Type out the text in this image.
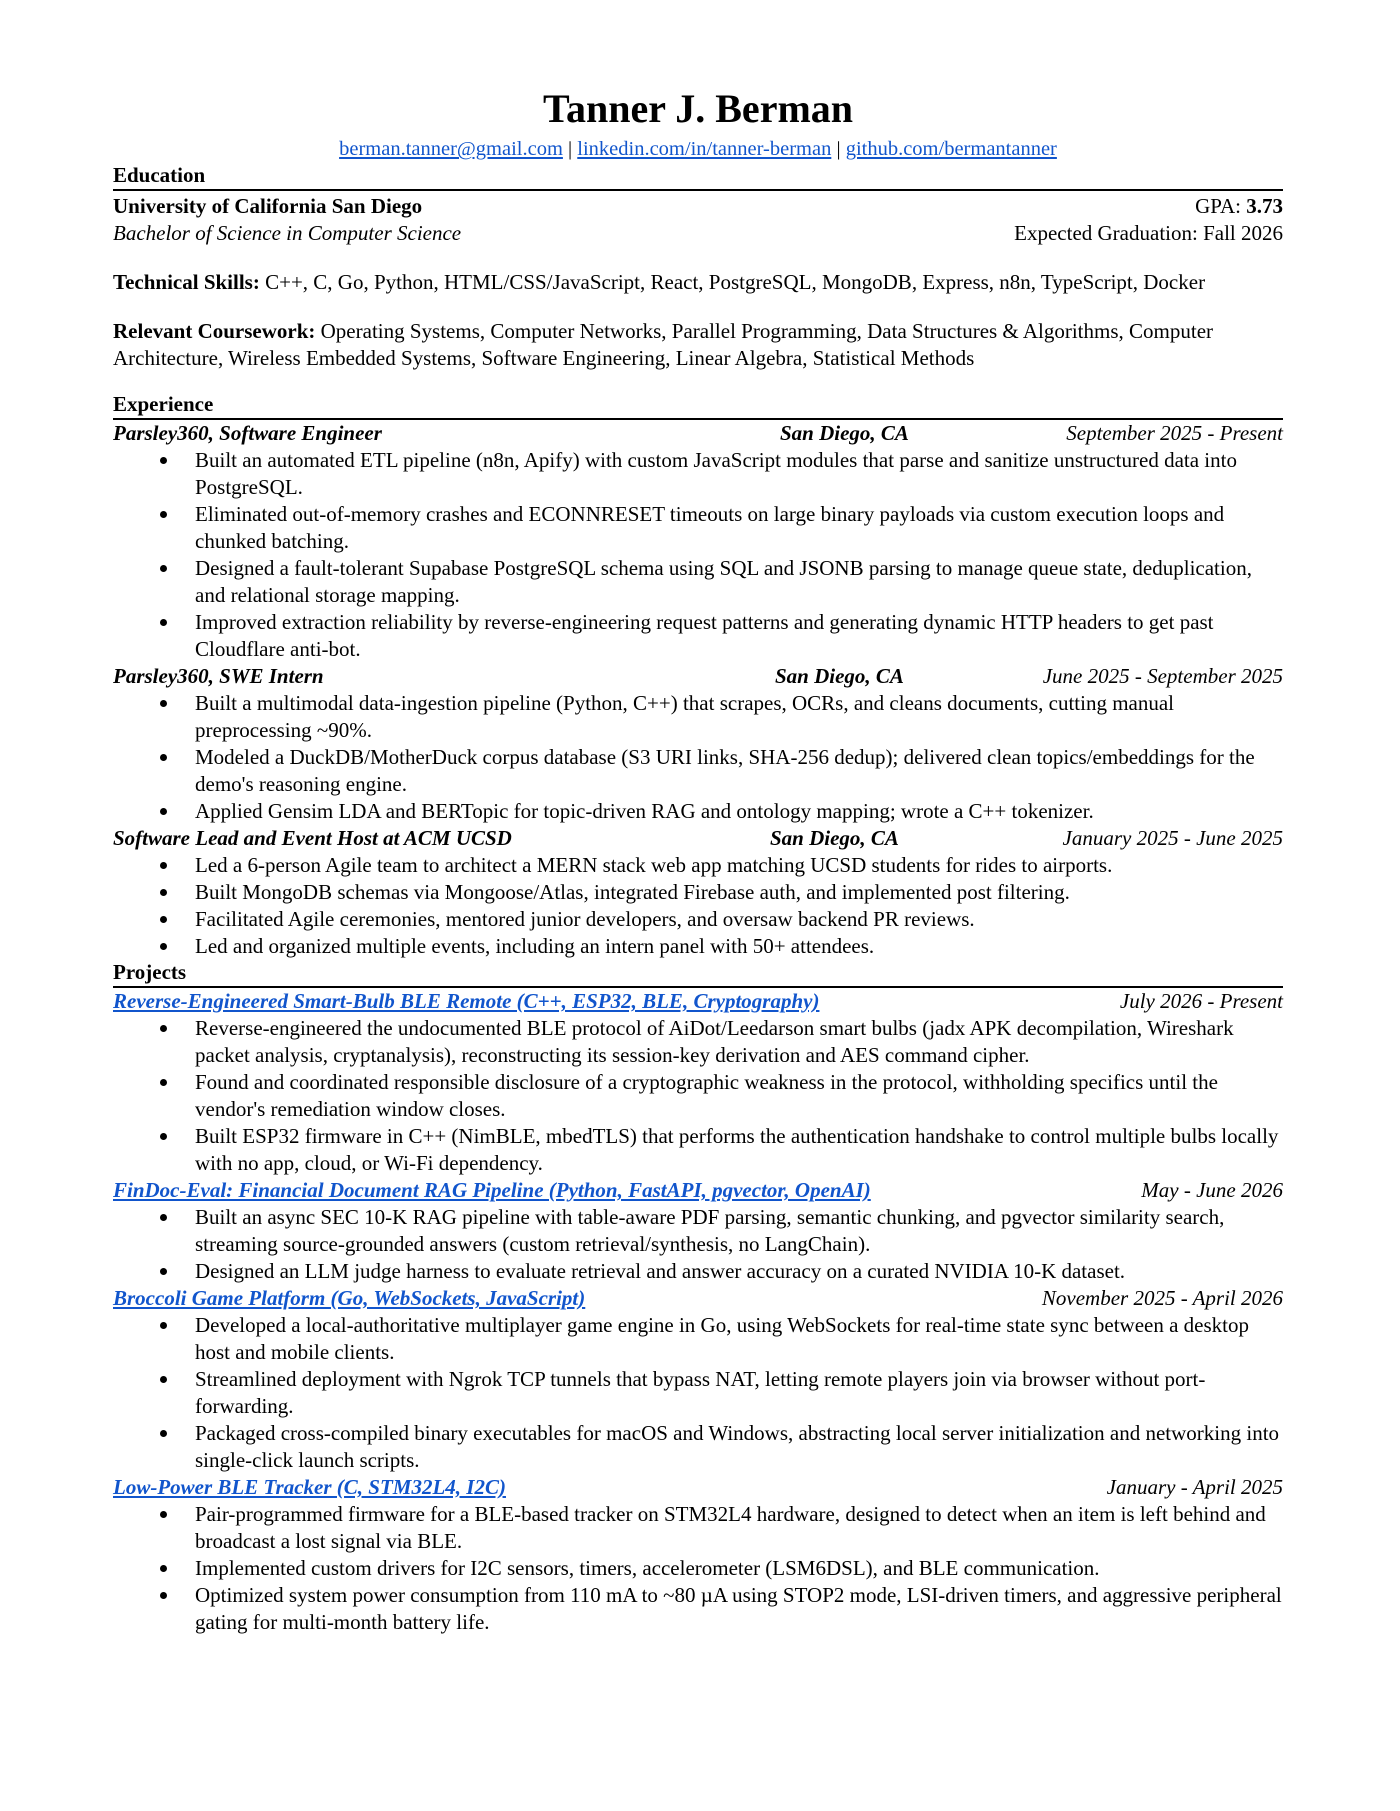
Tanner J. Berman
berman.tanner@gmail.com | linkedin.com/in/tanner-berman | github.com/bermantanner
Education
University of California San Diego	GPA: 3.73
Bachelor of Science in Computer Science	Expected Graduation: Fall 2026

Technical Skills: C++, C, Go, Python, HTML/CSS/JavaScript, React, PostgreSQL, MongoDB, Express, n8n, TypeScript, Docker

Relevant Coursework: Operating Systems, Computer Networks, Parallel Programming, Data Structures & Algorithms, Computer Architecture, Wireless Embedded Systems, Software Engineering, Linear Algebra, Statistical Methods

Experience
Parsley360, Software Engineer	San Diego, CA	September 2025 - Present
Built an automated ETL pipeline (n8n, Apify) with custom JavaScript modules that parse and sanitize unstructured data into PostgreSQL.
Eliminated out-of-memory crashes and ECONNRESET timeouts on large binary payloads via custom execution loops and chunked batching.
Designed a fault-tolerant Supabase PostgreSQL schema using SQL and JSONB parsing to manage queue state, deduplication, and relational storage mapping.
Improved extraction reliability by reverse-engineering request patterns and generating dynamic HTTP headers to get past Cloudflare anti-bot.
Parsley360, SWE Intern	San Diego, CA	June 2025 - September 2025
Built a multimodal data-ingestion pipeline (Python, C++) that scrapes, OCRs, and cleans documents, cutting manual preprocessing ~90%.
Modeled a DuckDB/MotherDuck corpus database (S3 URI links, SHA-256 dedup); delivered clean topics/embeddings for the demo's reasoning engine.
Applied Gensim LDA and BERTopic for topic-driven RAG and ontology mapping; wrote a C++ tokenizer.
Software Lead and Event Host at ACM UCSD	San Diego, CA	January 2025 - June 2025
Led a 6-person Agile team to architect a MERN stack web app matching UCSD students for rides to airports.
Built MongoDB schemas via Mongoose/Atlas, integrated Firebase auth, and implemented post filtering.
Facilitated Agile ceremonies, mentored junior developers, and oversaw backend PR reviews.
Led and organized multiple events, including an intern panel with 50+ attendees.
Projects
Reverse-Engineered Smart-Bulb BLE Remote (C++, ESP32, BLE, Cryptography)	July 2026 - Present
Reverse-engineered the undocumented BLE protocol of AiDot/Leedarson smart bulbs (jadx APK decompilation, Wireshark packet analysis, cryptanalysis), reconstructing its session-key derivation and AES command cipher.
Found and coordinated responsible disclosure of a cryptographic weakness in the protocol, withholding specifics until the vendor's remediation window closes.
Built ESP32 firmware in C++ (NimBLE, mbedTLS) that performs the authentication handshake to control multiple bulbs locally with no app, cloud, or Wi-Fi dependency.
FinDoc-Eval: Financial Document RAG Pipeline (Python, FastAPI, pgvector, OpenAI)	May - June 2026
Built an async SEC 10-K RAG pipeline with table-aware PDF parsing, semantic chunking, and pgvector similarity search, streaming source-grounded answers (custom retrieval/synthesis, no LangChain).
Designed an LLM judge harness to evaluate retrieval and answer accuracy on a curated NVIDIA 10-K dataset.
Broccoli Game Platform (Go, WebSockets, JavaScript)	November 2025 - April 2026
Developed a local-authoritative multiplayer game engine in Go, using WebSockets for real-time state sync between a desktop host and mobile clients.
Streamlined deployment with Ngrok TCP tunnels that bypass NAT, letting remote players join via browser without port-forwarding.
Packaged cross-compiled binary executables for macOS and Windows, abstracting local server initialization and networking into single-click launch scripts.
Low-Power BLE Tracker (C, STM32L4, I2C)	January - April 2025
Pair-programmed firmware for a BLE-based tracker on STM32L4 hardware, designed to detect when an item is left behind and broadcast a lost signal via BLE.
Implemented custom drivers for I2C sensors, timers, accelerometer (LSM6DSL), and BLE communication.
Optimized system power consumption from 110 mA to ~80 µA using STOP2 mode, LSI-driven timers, and aggressive peripheral gating for multi-month battery life.
